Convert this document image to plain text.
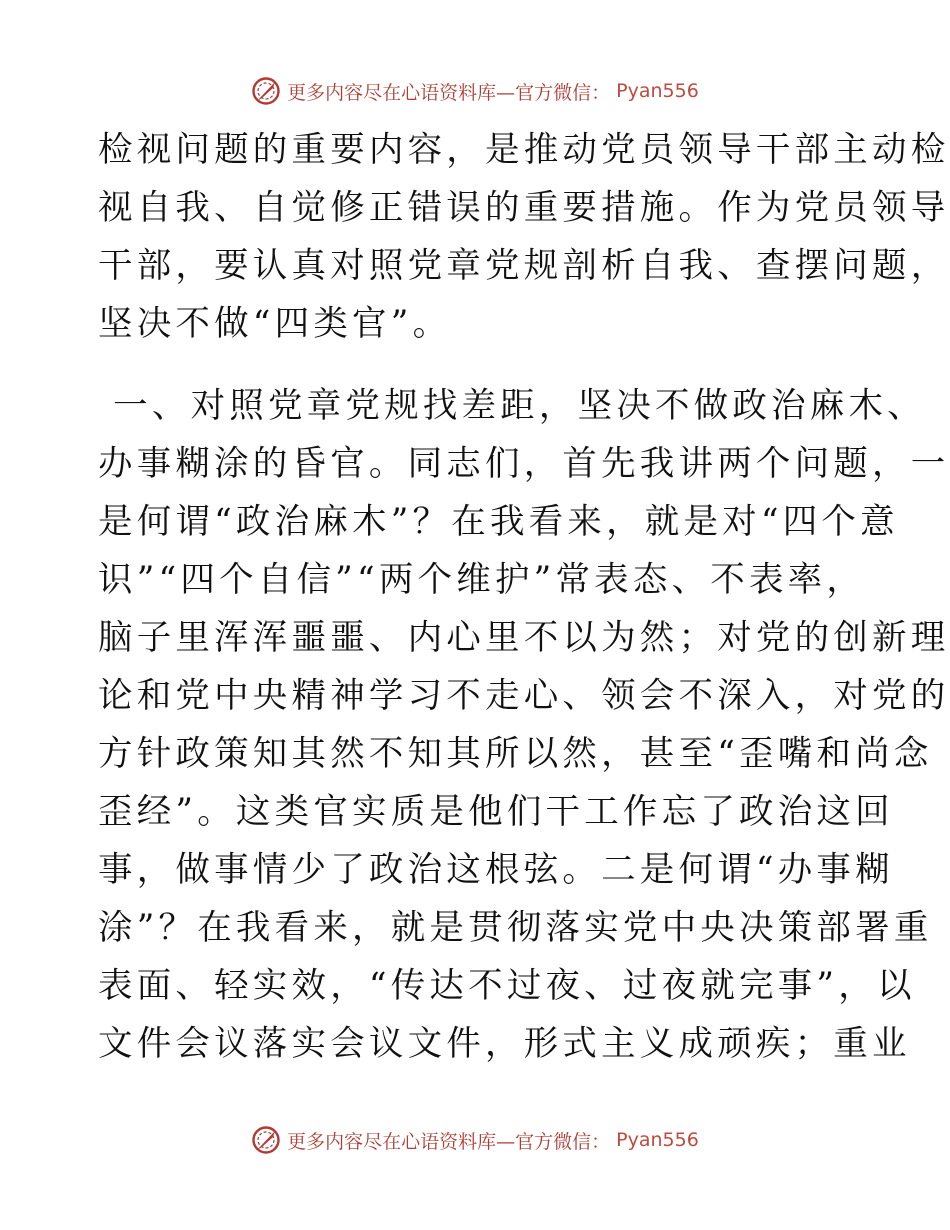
更多内容尽在心语资料库—官方微信： Pyan556
检视问题的重要内容，是推动党员领导干部主动检
视自我、自觉修正错误的重要措施。作为党员领导
干部，要认真对照党章党规剖析自我、查摆问题，
坚决不做“四类官”。
一、对照党章党规找差距，坚决不做政治麻木、
办事糊涂的昏官。同志们，首先我讲两个问题，一
是何谓“政治麻木”？在我看来，就是对“四个意
识”“四个自信”“两个维护”常表态、不表率，
脑子里浑浑噩噩、内心里不以为然；对党的创新理
论和党中央精神学习不走心、领会不深入，对党的
方针政策知其然不知其所以然，甚至“歪嘴和尚念
歪经”。这类官实质是他们干工作忘了政治这回
事，做事情少了政治这根弦。二是何谓“办事糊
涂”？在我看来，就是贯彻落实党中央决策部署重
表面、轻实效，“传达不过夜、过夜就完事”，以
文件会议落实会议文件，形式主义成顽疾；重业
更多内容尽在心语资料库—官方微信： Pyan556
